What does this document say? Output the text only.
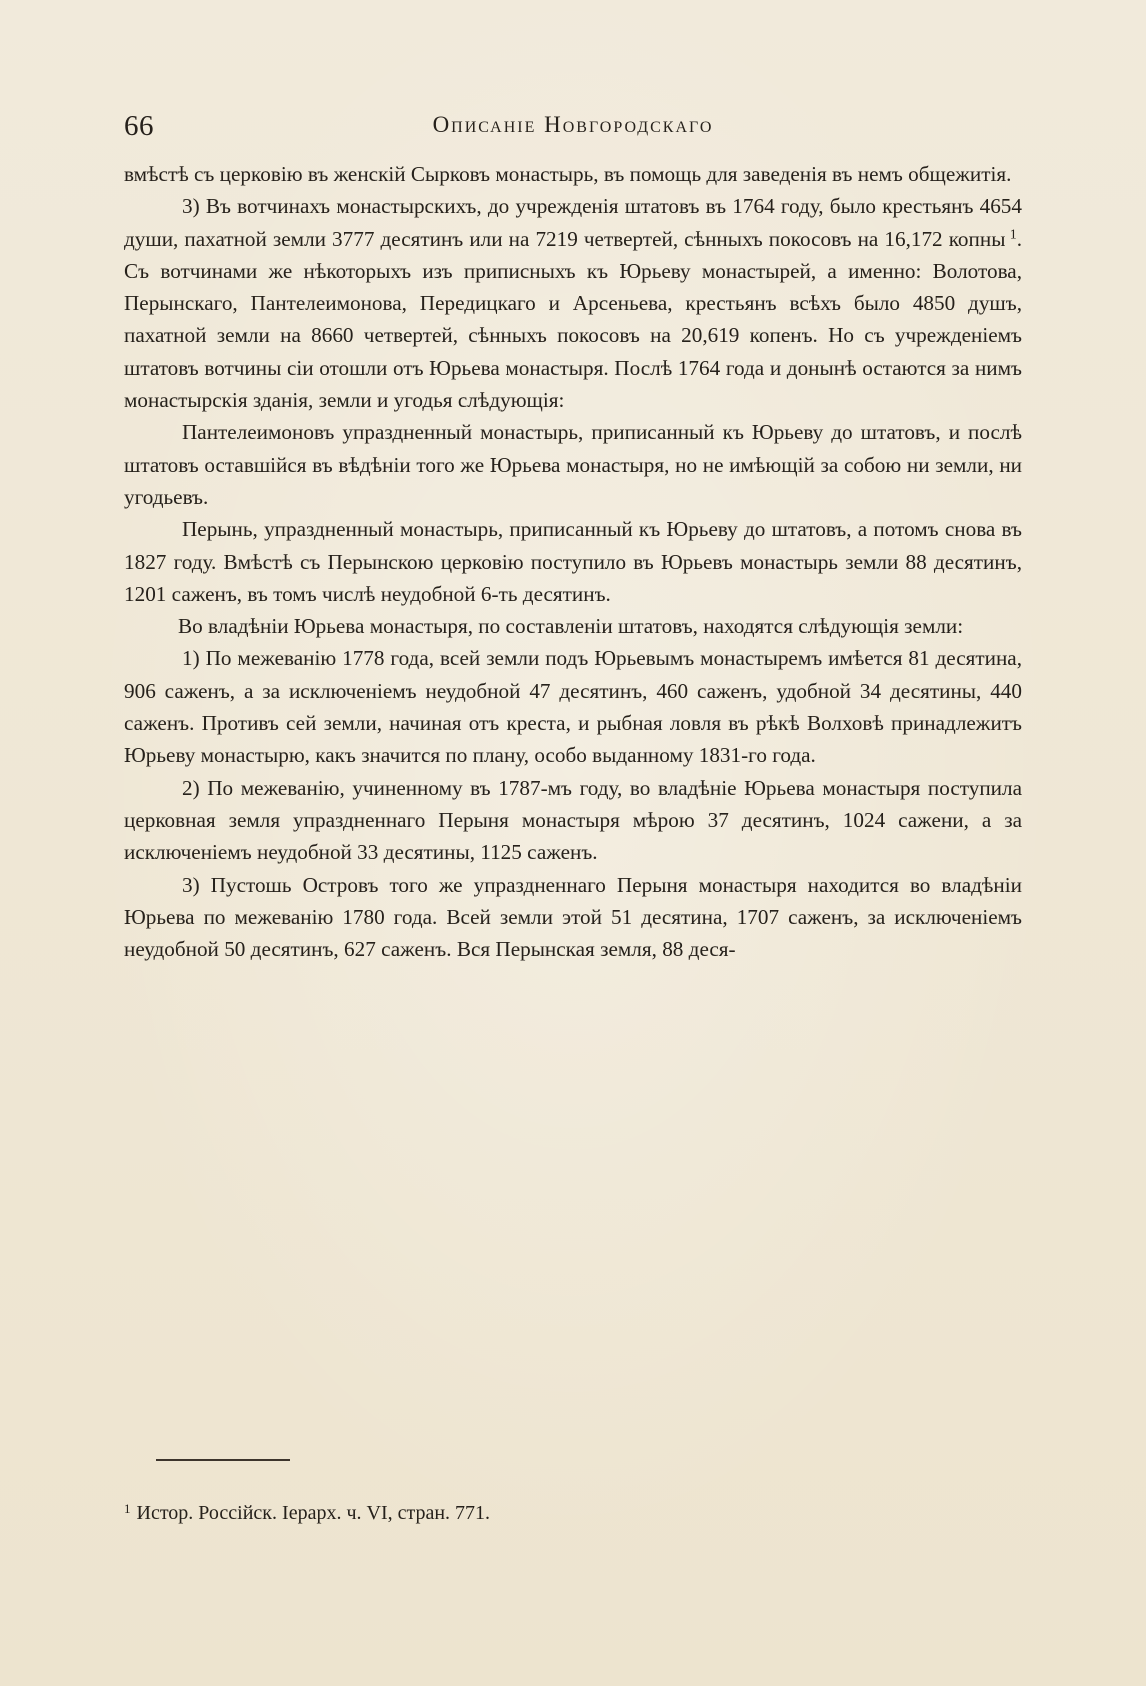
66	Описаніе Новгородскаго

вмѣстѣ съ церковію въ женскій Сырковъ монастырь, въ помощь для заведенія въ немъ общежитія.

3) Въ вотчинахъ монастырскихъ, до учрежденія штатовъ въ 1764 году, было крестьянъ 4654 души, пахатной земли 3777 десятинъ или на 7219 четвертей, сѣнныхъ покосовъ на 16,172 копны  $^1$. Съ вотчинами же нѣкоторыхъ изъ приписныхъ къ Юрьеву монастырей, а именно: Волотова, Перынскаго, Пантелеимонова, Передицкаго и Арсеньева, крестьянъ всѣхъ было 4850 душъ, пахатной земли на 8660 четвертей, сѣнныхъ покосовъ на 20,619 копенъ. Но съ учрежденіемъ штатовъ вотчины сіи отошли отъ Юрьева монастыря. Послѣ 1764 года и донынѣ остаются за нимъ монастырскія зданія, земли и угодья слѣдующія:

Пантелеимоновъ упраздненный монастырь, приписанный къ Юрьеву до штатовъ, и послѣ штатовъ оставшійся въ вѣдѣніи того же Юрьева монастыря, но не имѣющій за собою ни земли, ни угодьевъ.

Перынь, упраздненный монастырь, приписанный къ Юрьеву до штатовъ, а потомъ снова въ 1827 году. Вмѣстѣ съ Перынскою церковію поступило въ Юрьевъ монастырь земли 88 десятинъ, 1201 саженъ, въ томъ числѣ неудобной 6-ть десятинъ.

Во владѣніи Юрьева монастыря, по составленіи штатовъ, находятся слѣдующія земли:

1) По межеванію 1778 года, всей земли подъ Юрьевымъ монастыремъ имѣется 81 десятина, 906 саженъ, а за исключеніемъ неудобной 47 десятинъ, 460 саженъ, удобной 34 десятины, 440 саженъ. Противъ сей земли, начиная отъ креста, и рыбная ловля въ рѣкѣ Волховѣ принадлежитъ Юрьеву монастырю, какъ значится по плану, особо выданному 1831-го года.

2) По межеванію, учиненному въ 1787-мъ году, во владѣніе Юрьева монастыря поступила церковная земля упраздненнаго Перыня монастыря мѣрою 37 десятинъ, 1024 сажени, а за исключеніемъ неудобной 33 десятины, 1125 саженъ.

3) Пустошь Островъ того же упраздненнаго Перыня монастыря находится во владѣніи Юрьева по межеванію 1780 года. Всей земли этой 51 десятина, 1707 саженъ, за исключеніемъ неудобной 50 десятинъ, 627 саженъ. Вся Перынская земля, 88 деся-

$^1$ Истор. Россійск. Іерарх. ч. VI, стран. 771.
